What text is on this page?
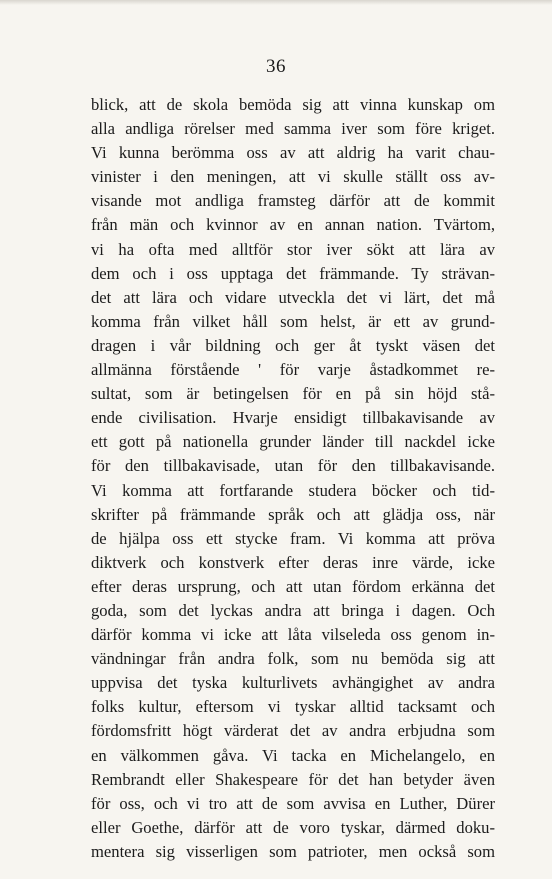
36
blick, att de skola bemöda sig att vinna kunskap om
alla andliga rörelser med samma iver som före kriget.
Vi kunna berömma oss av att aldrig ha varit chau-
vinister i den meningen, att vi skulle ställt oss av-
visande mot andliga framsteg därför att de kommit
från män och kvinnor av en annan nation. Tvärtom,
vi ha ofta med alltför stor iver sökt att lära av
dem och i oss upptaga det främmande. Ty strävan-
det att lära och vidare utveckla det vi lärt, det må
komma från vilket håll som helst, är ett av grund-
dragen i vår bildning och ger åt tyskt väsen det
allmänna förstående ' för varje åstadkommet re-
sultat, som är betingelsen för en på sin höjd stå-
ende civilisation. Hvarje ensidigt tillbakavisande av
ett gott på nationella grunder länder till nackdel icke
för den tillbakavisade, utan för den tillbakavisande.
Vi komma att fortfarande studera böcker och tid-
skrifter på främmande språk och att glädja oss, när
de hjälpa oss ett stycke fram. Vi komma att pröva
diktverk och konstverk efter deras inre värde, icke
efter deras ursprung, och att utan fördom erkänna det
goda, som det lyckas andra att bringa i dagen. Och
därför komma vi icke att låta vilseleda oss genom in-
vändningar från andra folk, som nu bemöda sig att
uppvisa det tyska kulturlivets avhängighet av andra
folks kultur, eftersom vi tyskar alltid tacksamt och
fördomsfritt högt värderat det av andra erbjudna som
en välkommen gåva. Vi tacka en Michelangelo, en
Rembrandt eller Shakespeare för det han betyder även
för oss, och vi tro att de som avvisa en Luther, Dürer
eller Goethe, därför att de voro tyskar, därmed doku-
mentera sig visserligen som patrioter, men också som
